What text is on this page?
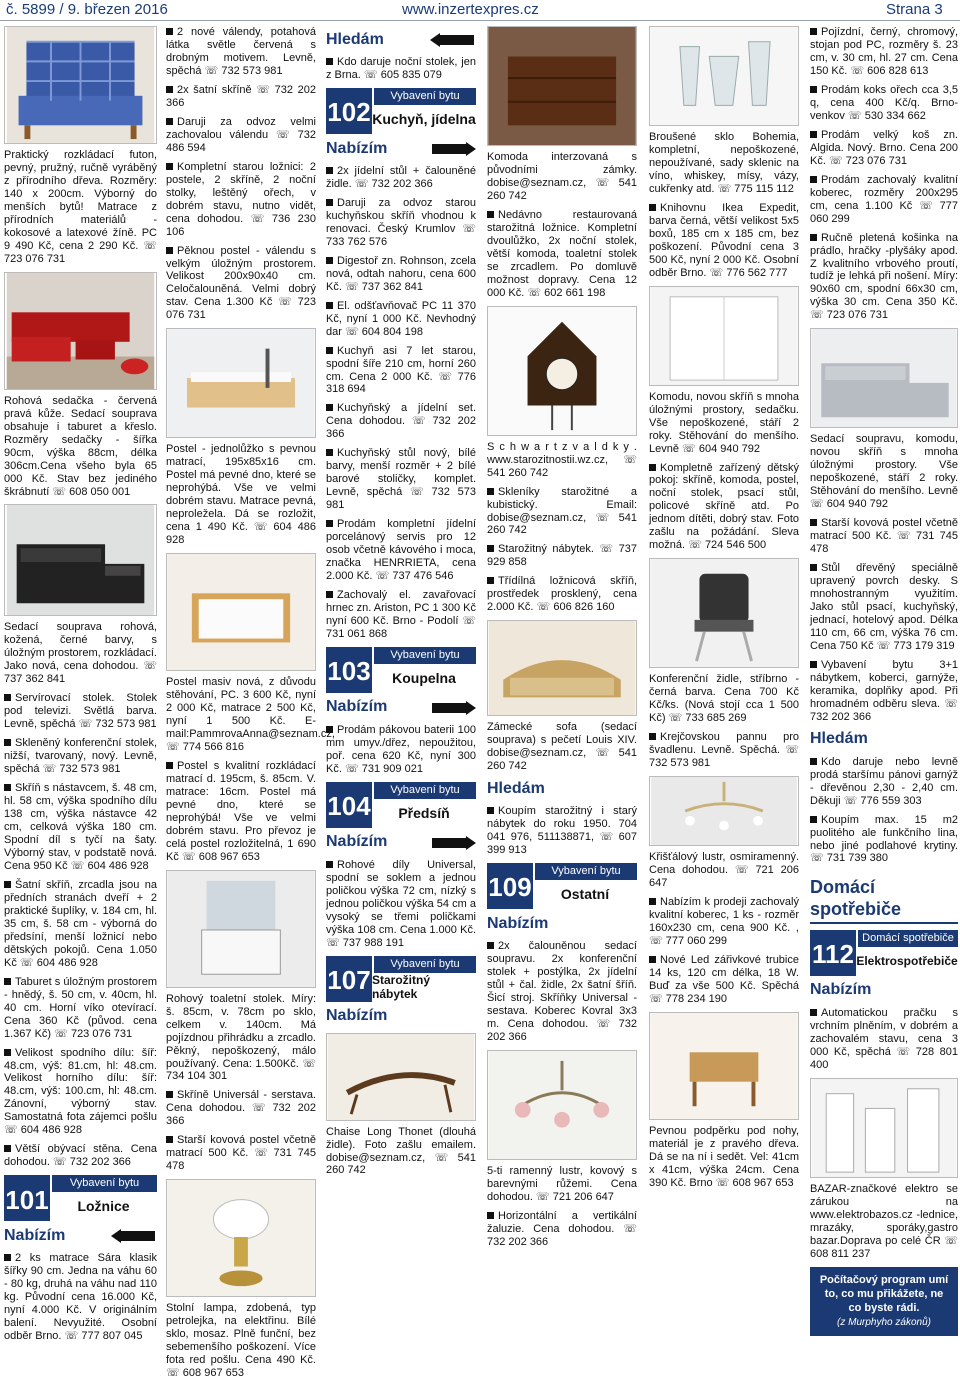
č. 5899 / 9. březen 2016	www.inzertexpres.cz	Strana 3

Praktický rozkládací futon, pevný, pružný, ručně vyráběný z přírodního dřeva. Rozměry: 140 x 200cm. Výborný do menších bytů! Matrace z přírodních materiálů - kokosové a latexové žíně. PC 9 490 Kč, cena 2 290 Kč. ☏ 723 076 731

Rohová sedačka - červená pravá kůže. Sedací souprava obsahuje i taburet a křeslo. Rozměry sedačky - šířka 90cm, výška 88cm, délka 306cm.Cena všeho byla 65 000 Kč. Stav bez jediného škrábnutí ☏ 608 050 001

Sedací souprava rohová, kožená, černé barvy, s úložným prostorem, rozkládací. Jako nová, cena dohodou. ☏ 737 362 841

Servírovací stolek. Stolek pod televizi. Světlá barva. Levně, spěchá ☏ 732 573 981

Skleněný konferenční stolek, nižší, tvarovaný, nový. Levně, spěchá ☏ 732 573 981

Skříň s nástavcem, š. 48 cm, hl. 58 cm, výška spodního dílu 138 cm, výška nástavce 42 cm, celková výška 180 cm. Spodní díl s tyčí na šaty. Výborný stav, v podstatě nová. Cena 950 Kč ☏ 604 486 928

Šatní skříň, zrcadla jsou na předních stranách dveří + 2 praktické šuplíky, v. 184 cm, hl. 35 cm, š. 58 cm - výborná do předsíní, menší ložnicí nebo dětských pokojů. Cena 1.050 Kč ☏ 604 486 928

Taburet s úložným prostorem - hnědý, š. 50 cm, v. 40cm, hl. 40 cm. Horní víko otevírací. Cena 360 Kč (původ. cena 1.367 Kč) ☏ 723 076 731

Velikost spodního dílu: šíř: 48.cm, výš: 81.cm, hl: 48.cm. Velikost horního dílu: šíř: 48.cm, výš: 100.cm, hl: 48.cm. Zánovní, výborný stav. Samostatná fota zájemci pošlu ☏ 604 486 928

Větší obývací stěna. Cena dohodou. ☏ 732 202 366

101
Vybavení bytu
Ložnice
Nabízím

2 ks matrace Sára klasik šířky 90 cm. Jedna na váhu 60 - 80 kg, druhá na váhu nad 110 kg. Původní cena 16.000 Kč, nyní 4.000 Kč. V originálním balení. Nevyužité. Osobní odběr Brno. ☏ 777 807 045

2 nové válendy, potahová látka světle červená s drobným motivem. Levně, spěchá ☏ 732 573 981

2x šatní skříně ☏ 732 202 366

Daruji za odvoz velmi zachovalou válendu ☏ 732 486 594

Kompletní starou ložnici: 2 postele, 2 skříně, 2 noční stolky, leštěný ořech, v dobrém stavu, nutno vidět, cena dohodou. ☏ 736 230 106

Pěknou postel - válendu s velkým úložným prostorem. Velikost 200x90x40 cm. Celočalouněná. Velmi dobrý stav. Cena 1.300 Kč ☏ 723 076 731

Postel - jednolůžko s pevnou matrací, 195x85x16 cm. Postel má pevné dno, které se neprohýbá. Vše ve velmi dobrém stavu. Matrace pevná, neproležela. Dá se rozložit, cena 1 490 Kč. ☏ 604 486 928

Postel masiv nová, z důvodu stěhování, PC. 3 600 Kč, nyní 2 000 Kč, matrace 2 500 Kč, nyní 1 500 Kč. E-mail:PammrovaAnna@seznam.cz, ☏ 774 566 816

Postel s kvalitní rozkládací matrací d. 195cm, š. 85cm. V. matrace: 16cm. Postel má pevné dno, které se neprohýbá! Vše ve velmi dobrém stavu. Pro převoz je celá postel rozložitelná, 1 690 Kč ☏ 608 967 653

Rohový toaletní stolek. Míry: š. 85cm, v. 78cm po sklo, celkem v. 140cm. Má pojízdnou přihrádku a zrcadlo. Pěkný, nepoškozený, málo používaný. Cena: 1.500Kč. ☏ 734 104 301

Skříně Universál - serstava. Cena dohodou. ☏ 732 202 366

Starší kovová postel včetně matrací 500 Kč. ☏ 731 745 478

Stolní lampa, zdobená, typ petrolejka, na elektřinu. Bílé sklo, mosaz. Plně funční, bez sebemenšího poškození. Více fota red pošlu. Cena 490 Kč. ☏ 608 967 653

Hledám

Kdo daruje noční stolek, jen z Brna. ☏ 605 835 079

102
Vybavení bytu
Kuchyň, jídelna
Nabízím

2x jídelní stůl + čalouněné židle. ☏ 732 202 366

Daruji za odvoz starou kuchyňskou skříň vhodnou k renovaci. Český Krumlov ☏ 733 762 576

Digestoř zn. Rohnson, zcela nová, odtah nahoru, cena 600 Kč. ☏ 737 362 841

El. odšťavňovač PC 11 370 Kč, nyní 1 000 Kč. Nevhodný dar ☏ 604 804 198

Kuchyň asi 7 let starou, spodní šíře 210 cm, horní 260 cm. Cena 2 000 Kč. ☏ 776 318 694

Kuchyňský a jídelní set. Cena dohodou. ☏ 732 202 366

Kuchyňský stůl nový, bílé barvy, menší rozměr + 2 bílé barové stoličky, komplet. Levně, spěchá ☏ 732 573 981

Prodám kompletní jídelní porcelánový servis pro 12 osob včetně kávového i moca, značka HENRRIETA, cena 2.000 Kč. ☏ 737 476 546

Zachovalý el. zavařovací hrnec zn. Ariston, PC 1 300 Kč nyní 600 Kč. Brno - Podolí ☏ 731 061 868

103
Vybavení bytu
Koupelna
Nabízím

Prodám pákovou baterii 100 mm umyv./dřez, nepoužitou, poř. cena 620 Kč, nyní 300 Kč. ☏ 731 909 021

104
Vybavení bytu
Předsíň
Nabízím

Rohové díly Universal, spodní se soklem a jednou poličkou výška 72 cm, nízký s jednou poličkou výška 54 cm a vysoký se třemi poličkami výška 108 cm. Cena 1.000 Kč. ☏ 737 988 191

107
Vybavení bytu
Starožitný nábytek
Nabízím

Chaise Long Thonet (dlouhá židle). Foto zašlu emailem. dobise@seznam.cz, ☏ 541 260 742

Komoda interzovaná s původními zámky. dobise@seznam.cz, ☏ 541 260 742

Nedávno restaurovaná starožitná ložnice. Kompletní dvoulůžko, 2x noční stolek, větší komoda, toaletní stolek se zrcadlem. Po domluvě možnost dopravy. Cena 12 000 Kč. ☏ 602 661 198

S c h w a r t z v a l d k y . www.starozitnostii.wz.cz, ☏ 541 260 742

Skleníky starožitné a kubistický. Email: dobise@seznam.cz, ☏ 541 260 742

Starožitný nábytek. ☏ 737 929 858

Třídílná ložnicová skříň, prostředek prosklený, cena 2.000 Kč. ☏ 606 826 160

Zámecké sofa (sedací souprava) s pečetí Louis XIV. dobise@seznam.cz, ☏ 541 260 742

Hledám

Koupím starožitný i starý nábytek do roku 1950. 704 041 976, 511138871, ☏ 607 399 913

109
Vybavení bytu
Ostatní
Nabízím

2x čalouněnou sedací soupravu. 2x konferenční stolek + postýlka, 2x jídelní stůl + čal. židle, 2x šatní šříň. Šicí stroj. Skříňky Universal - sestava. Koberec Kovral 3x3 m. Cena dohodou. ☏ 732 202 366

5-ti ramenný lustr, kovový s barevnými růžemi. Cena dohodou. ☏ 721 206 647

Horizontální a vertikální žaluzie. Cena dohodou. ☏ 732 202 366

Broušené sklo Bohemia, kompletní, nepoškozené, nepoužívané, sady sklenic na víno, whiskey, mísy, vázy, cukřenky atd. ☏ 775 115 112

Knihovnu Ikea Expedit, barva černá, větší velikost 5x5 boxů, 185 cm x 185 cm, bez poškození. Původní cena 3 500 Kč, nyní 2 000 Kč. Osobní odběr Brno. ☏ 776 562 777

Komodu, novou skříň s mnoha úložnými prostory, sedačku. Vše nepoškozené, stáří 2 roky. Stěhování do menšího. Levně ☏ 604 940 792

Kompletně zařízený dětský pokoj: skříně, komoda, postel, noční stolek, psací stůl, policové skříně atd. Po jednom dítěti, dobrý stav. Foto zašlu na požádání. Sleva možná. ☏ 724 546 500

Konferenční židle, stříbrno - černá barva. Cena 700 Kč Kč/ks. (Nová stojí cca 1 500 Kč) ☏ 733 685 269

Krejčovskou pannu pro švadlenu. Levně. Spěchá. ☏ 732 573 981

Křišťálový lustr, osmiramenný. Cena dohodou. ☏ 721 206 647

Nabízím k prodeji zachovalý kvalitní koberec, 1 ks - rozměr 160x230 cm, cena 900 Kč. , ☏ 777 060 299

Nové Led zářivkové trubice 14 ks, 120 cm délka, 18 W. Buď za vše 500 Kč. Spěchá ☏ 778 234 190

Pevnou podpěrku pod nohy, materiál je z pravého dřeva. Dá se na ní i sedět. Vel: 41cm x 41cm, výška 24cm. Cena 390 Kč. Brno ☏ 608 967 653

Pojízdní, černý, chromový, stojan pod PC, rozměry š. 23 cm, v. 30 cm, hl. 27 cm. Cena 150 Kč. ☏ 606 828 613

Prodám koks ořech cca 3,5 q, cena 400 Kč/q. Brno-venkov ☏ 530 334 662

Prodám velký koš zn. Algida. Nový. Brno. Cena 200 Kč. ☏ 723 076 731

Prodám zachovalý kvalitní koberec, rozměry 200x295 cm, cena 1.100 Kč ☏ 777 060 299

Ručně pletená košinka na prádlo, hračky -plyšáky apod. Z kvalitního vrbového proutí, tudíž je lehká při nošení. Míry: 90x60 cm, spodní 66x30 cm, výška 30 cm. Cena 350 Kč. ☏ 723 076 731

Sedací soupravu, komodu, novou skříň s mnoha úložnými prostory. Vše nepoškozené, stáří 2 roky. Stěhování do menšího. Levně ☏ 604 940 792

Starší kovová postel včetně matrací 500 Kč. ☏ 731 745 478

Stůl dřevěný speciálně upravený povrch desky. S mnohostranným využitím. Jako stůl psací, kuchyňský, jednací, hotelový apod. Délka 110 cm, 66 cm, výška 76 cm. Cena 750 Kč ☏ 773 179 319

Vybavení bytu 3+1 nábytkem, koberci, garnýže, keramika, doplňky apod. Při hromadném odběru sleva. ☏ 732 202 366

Hledám

Kdo daruje nebo levně prodá staršímu pánovi garnýž - dřevěnou 2,30 - 2,40 cm. Děkuji ☏ 776 559 303

Koupím max. 15 m2 puolitého ale funkčního lina, nebo jiné podlahové krytiny. ☏ 731 739 380

Domácí spotřebiče
112
Domácí spotřebiče
Elektrospotřebiče
Nabízím

Automatickou pračku s vrchním plněním, v dobrém a zachovalém stavu, cena 3 000 Kč, spěchá ☏ 728 801 400

BAZAR-značkové elektro se zárukou na www.elektrobazos.cz -lednice, mrazáky, sporáky,gastro bazar.Doprava po celé ČR ☏ 608 811 237

Počítačový program umí
to, co mu přikážete, ne
co byste rádi.
(z Murphyho zákonů)
